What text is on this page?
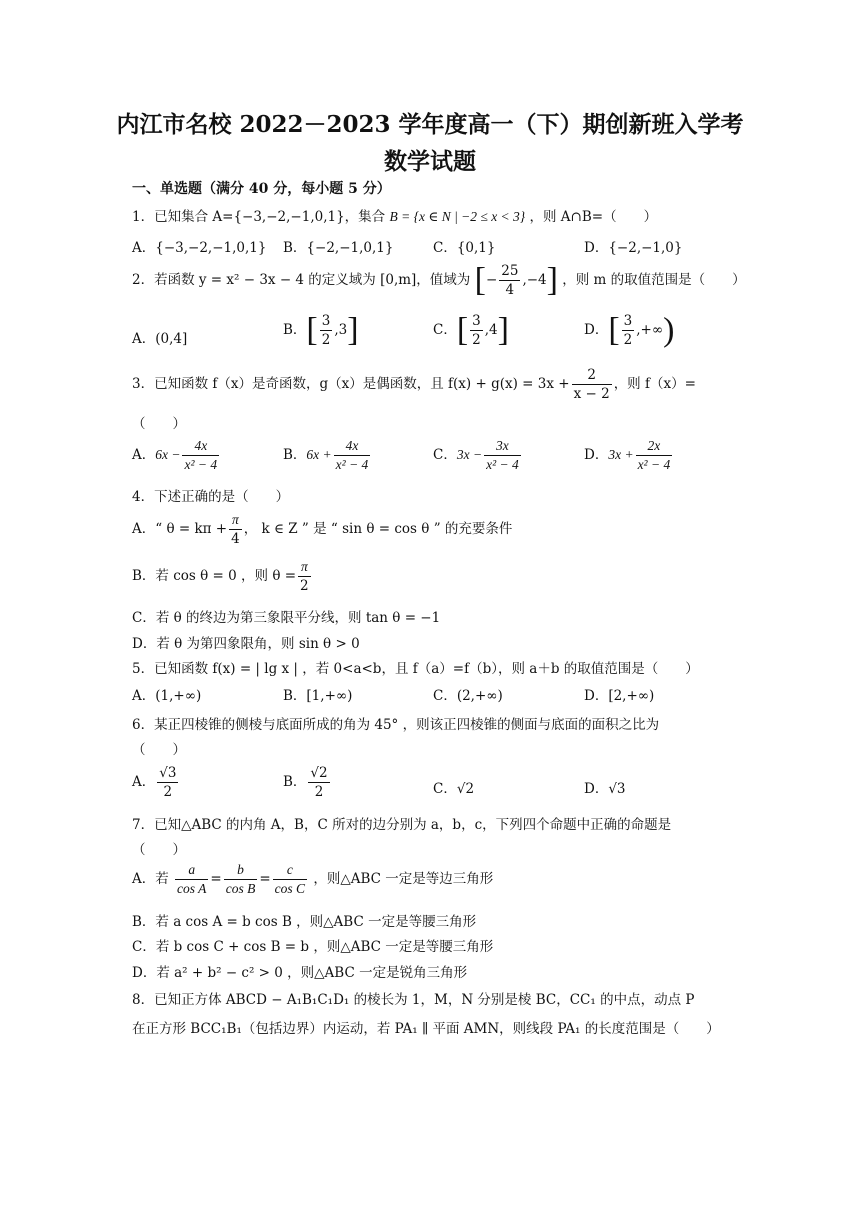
内江市名校 2022－2023 学年度高一（下）期创新班入学考
数学试题
一、单选题（满分 40 分，每小题 5 分）
1．已知集合 A={−3,−2,−1,0,1}，集合 B = {x ∈ N | −2 ≤ x < 3} ，则 A∩B=（　　）
A．{−3,−2,−1,0,1} B．{−2,−1,0,1}	C．{0,1}	D．{−2,−1,0}
2．若函数 y = x² − 3x − 4 的定义域为 [0,m]，值域为 [− $\frac{25}{4} ,-4$] ，则 m 的取值范围是（　　）
A．(0,4]
B．[ $\frac{3}{2} ,3$]	C．[ $\frac{3}{2} ,4$]	D．[ $\frac{3}{2}$ ,+∞)
3．已知函数 f（x）是奇函数，g（x）是偶函数，且 $f(x) + g(x) = 3x + \frac{2}{x - 2}$ ，则 f（x）=
（　　）
A．$6x - \frac{4x}{\text{x² − 4}}$	B．$6x + \frac{4x}{\text{x² − 4}}$	C．$3x - \frac{3x}{\text{x² − 4}}$	D．$3x + \frac{2x}{\text{x² − 4}}$
4．下述正确的是（　　）
A．“ $\theta = k\pi + \frac{\pi}{4}$ ， k ∈ Z ” 是 “ sin θ = cos θ ” 的充要条件
B．若 cos θ = 0 ，则 $\theta = \frac{\pi}{2}$
C．若 θ 的终边为第三象限平分线，则 tan θ = −1
D．若 θ 为第四象限角，则 sin θ > 0
5．已知函数 f(x) = | lg x | ，若 0<a<b，且 f（a）=f（b），则 a＋b 的取值范围是（　　）
A．(1,+∞)	B．[1,+∞)	C．(2,+∞)	D．[2,+∞)
6．某正四棱锥的侧棱与底面所成的角为 45° ，则该正四棱锥的侧面与底面的面积之比为
（　　）
A． $\frac{√3}{2}$	B． $\frac{√2}{2}$	C．√2	D．√3
7．已知△ABC 的内角 A，B，C 所对的边分别为 a，b，c，下列四个命题中正确的命题是
（　　）
A．若 $\frac{a}{\text{cos A}} = \frac{b}{\text{cos B}} = \frac{c}{\text{cos C}}$ ，则△ABC 一定是等边三角形
B．若 a cos A = b cos B ，则△ABC 一定是等腰三角形
C．若 b cos C + cos B = b ，则△ABC 一定是等腰三角形
D．若 a² + b² − c² > 0 ，则△ABC 一定是锐角三角形
8．已知正方体 ABCD − A₁B₁C₁D₁ 的棱长为 1，M，N 分别是棱 BC，CC₁ 的中点，动点 P
在正方形 BCC₁B₁（包括边界）内运动，若 PA₁ ∥ 平面 AMN，则线段 PA₁ 的长度范围是（　　）
